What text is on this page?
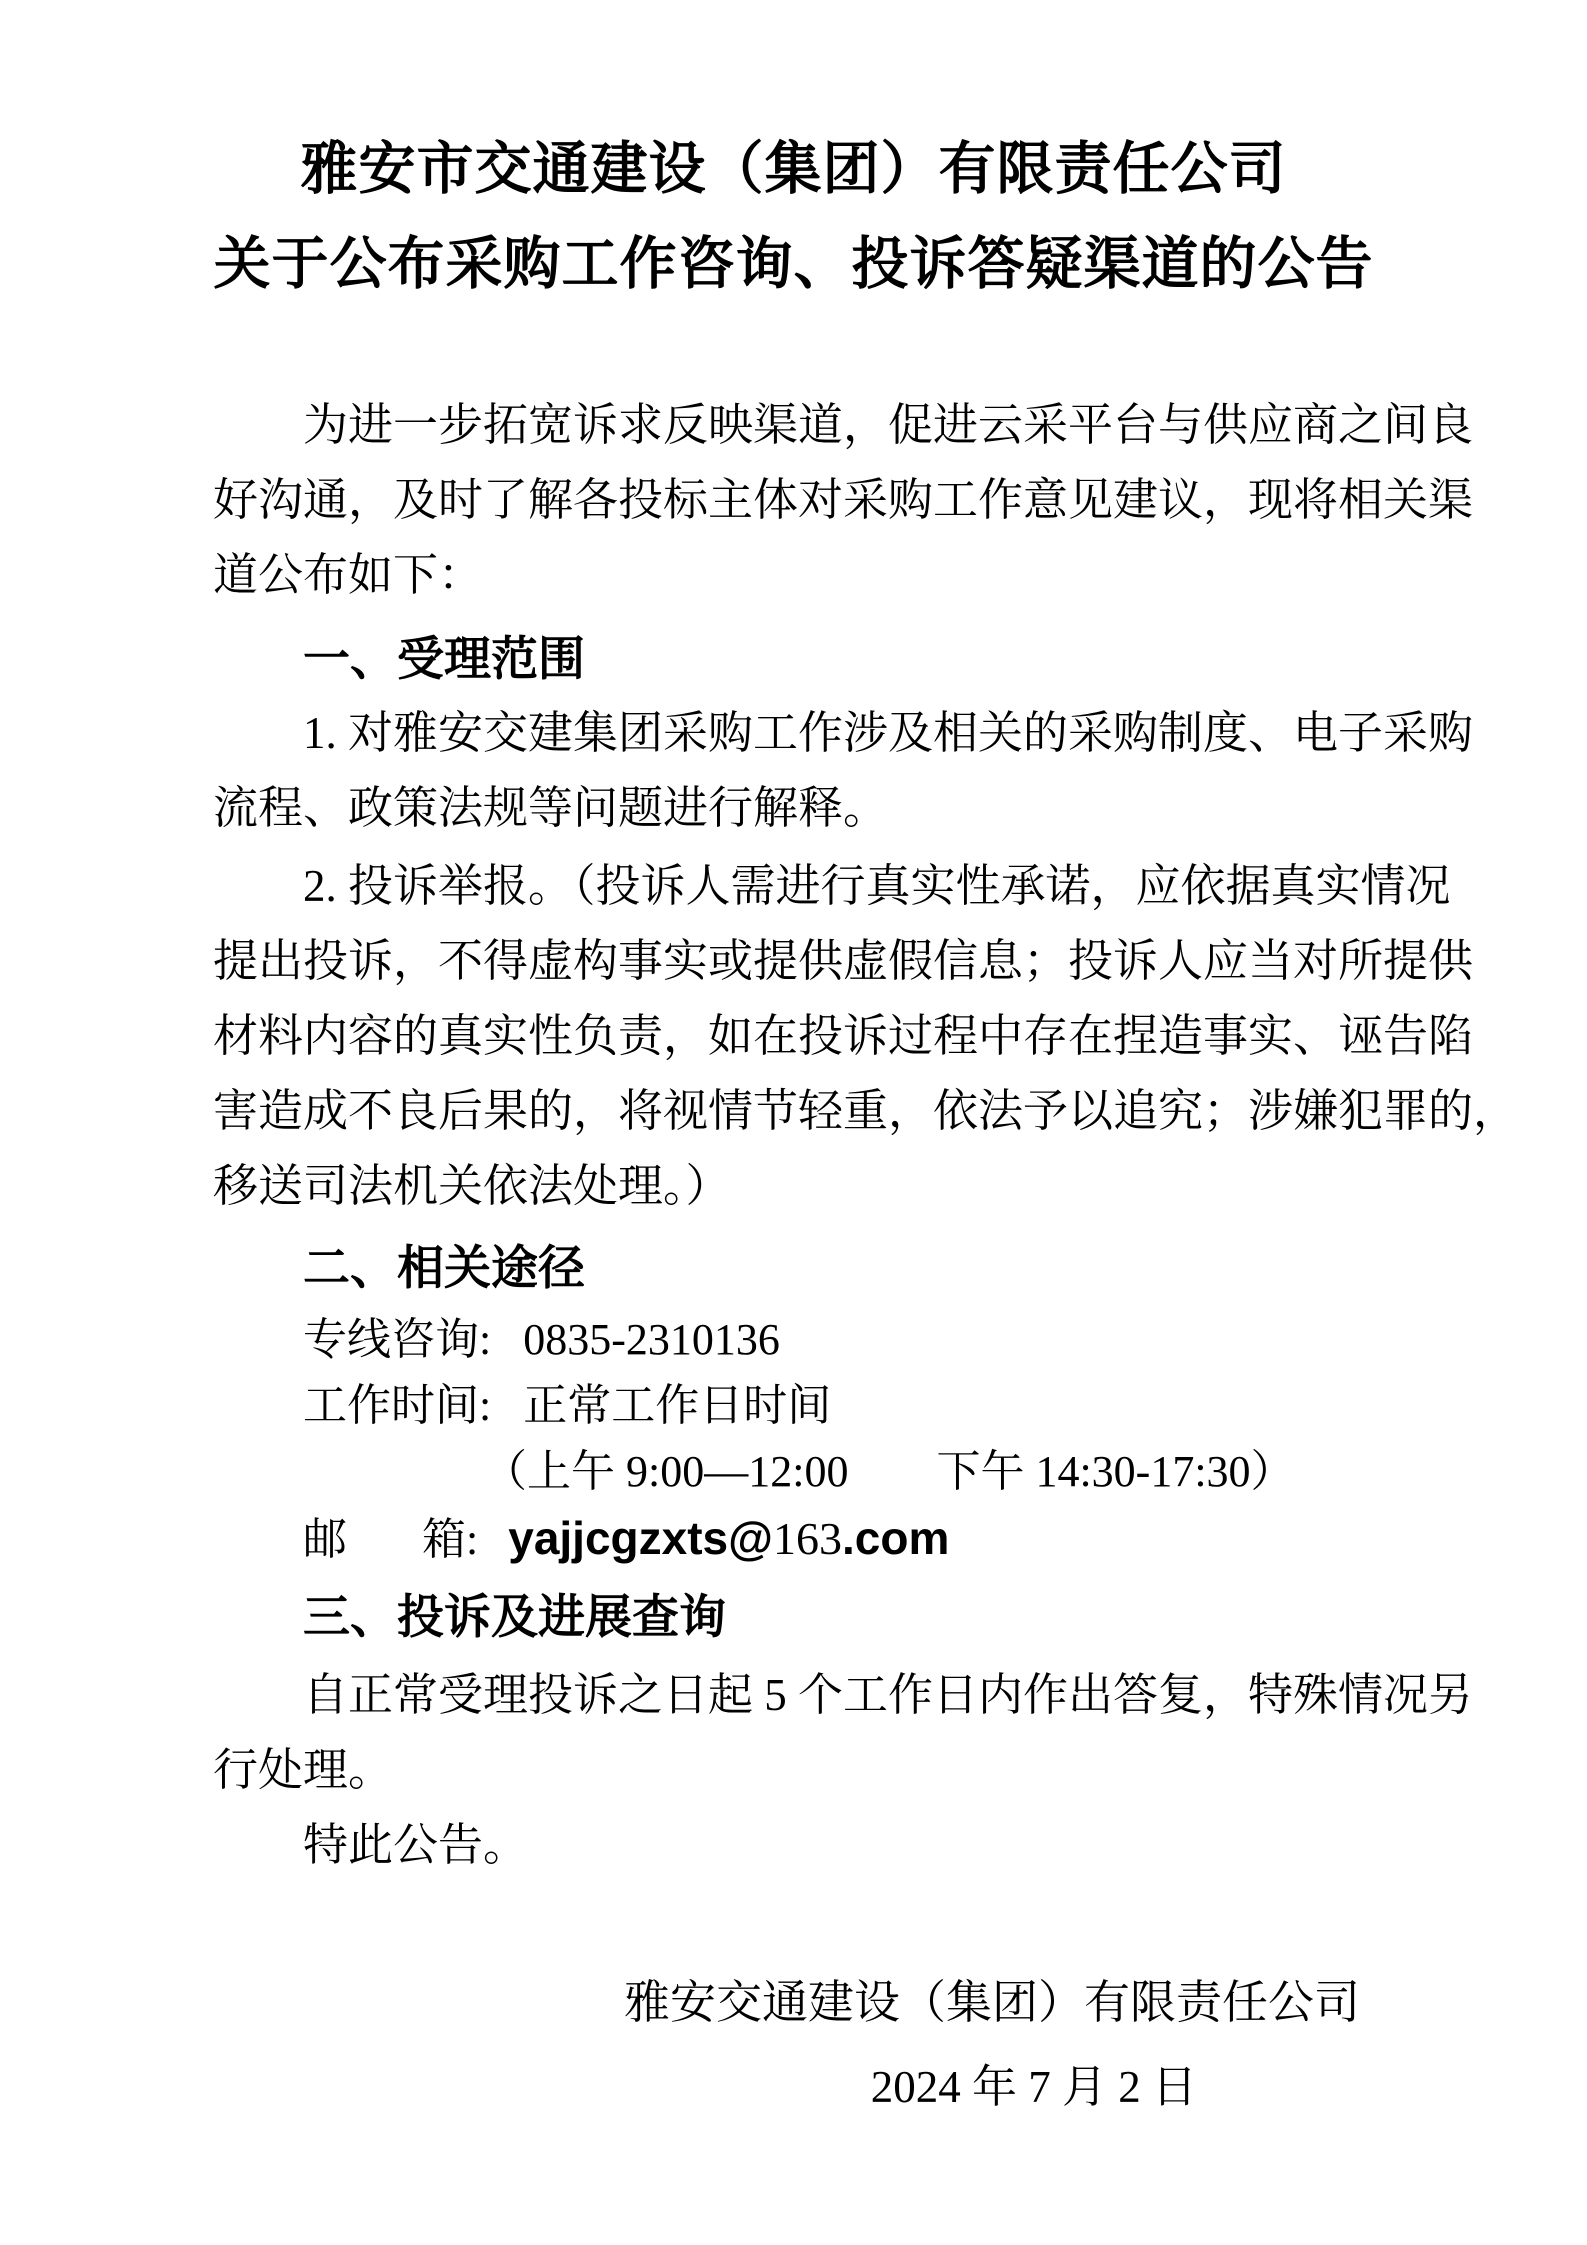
雅安市交通建设（集团）有限责任公司
关于公布采购工作咨询、投诉答疑渠道的公告
为进一步拓宽诉求反映渠道，促进云采平台与供应商之间良
好沟通，及时了解各投标主体对采购工作意见建议，现将相关渠
道公布如下：
一、受理范围
1. 对雅安交建集团采购工作涉及相关的采购制度、电子采购
流程、政策法规等问题进行解释。
2. 投诉举报。（投诉人需进行真实性承诺，应依据真实情况
提出投诉，不得虚构事实或提供虚假信息；投诉人应当对所提供
材料内容的真实性负责，如在投诉过程中存在捏造事实、诬告陷
害造成不良后果的，将视情节轻重，依法予以追究；涉嫌犯罪的，
移送司法机关依法处理。）
二、相关途径
专线咨询: 0835-2310136
工作时间: 正常工作日时间
（上午 9:00—12:00　　下午 14:30-17:30）
邮 箱: yajjcgzxts@163.com
三、投诉及进展查询
自正常受理投诉之日起 5 个工作日内作出答复，特殊情况另
行处理。
特此公告。
雅安交通建设（集团）有限责任公司
2024 年 7 月 2 日
